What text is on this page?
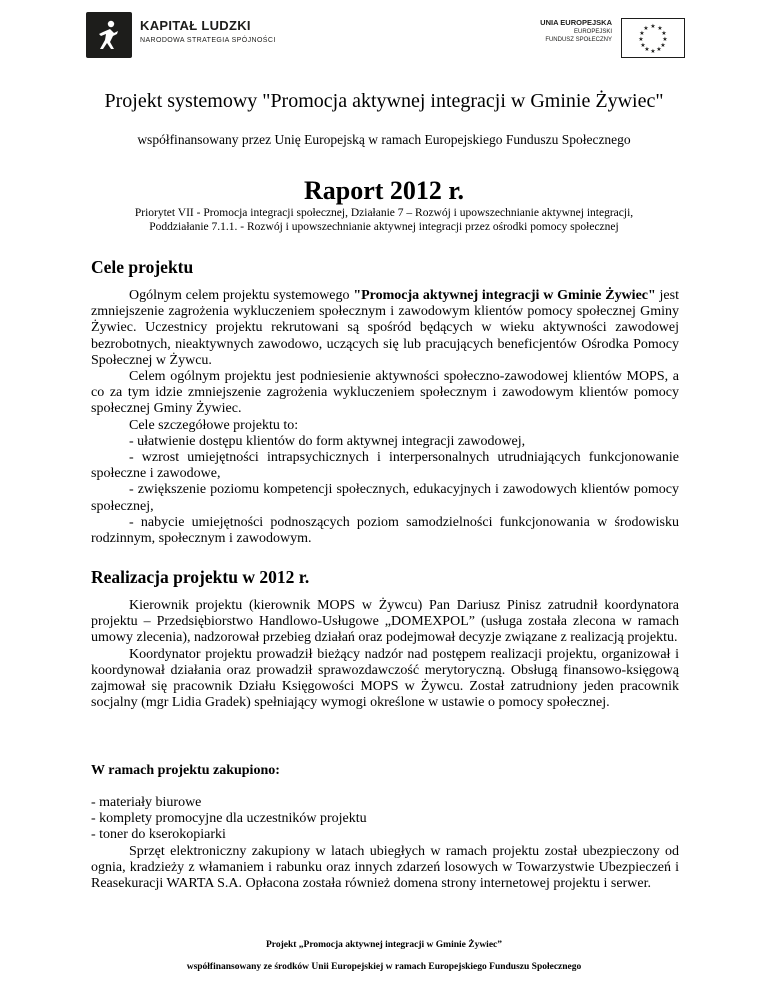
KAPITAŁ LUDZKI
NARODOWA STRATEGIA SPÓJNOŚCI
UNIA EUROPEJSKA
EUROPEJSKI
FUNDUSZ SPOŁECZNY
★ ★
★
★
★
★
★
★
★
★
★
★
Projekt systemowy "Promocja aktywnej integracji w Gminie Żywiec"
współfinansowany przez Unię Europejską w ramach Europejskiego Funduszu Społecznego
Raport 2012 r.
Priorytet VII - Promocja integracji społecznej, Działanie 7 – Rozwój i upowszechnianie aktywnej integracji,
Poddziałanie 7.1.1. - Rozwój i upowszechnianie aktywnej integracji przez ośrodki pomocy społecznej
Cele projektu

Ogólnym celem projektu systemowego "Promocja aktywnej integracji w Gminie Żywiec" jest zmniejszenie zagrożenia wykluczeniem społecznym i zawodowym klientów pomocy społecznej Gminy Żywiec. Uczestnicy projektu rekrutowani są spośród będących w wieku aktywności zawodowej bezrobotnych, nieaktywnych zawodowo, uczących się lub pracujących beneficjentów Ośrodka Pomocy Społecznej w Żywcu.

Celem ogólnym projektu jest podniesienie aktywności społeczno-zawodowej klientów MOPS, a co za tym idzie zmniejszenie zagrożenia wykluczeniem społecznym i zawodowym klientów pomocy społecznej Gminy Żywiec.

Cele szczegółowe projektu to:

- ułatwienie dostępu klientów do form aktywnej integracji zawodowej,

- wzrost umiejętności intrapsychicznych i interpersonalnych utrudniających funkcjonowanie społeczne i zawodowe,

- zwiększenie poziomu kompetencji społecznych, edukacyjnych i zawodowych klientów pomocy społecznej,

- nabycie umiejętności podnoszących poziom samodzielności funkcjonowania w środowisku rodzinnym, społecznym i zawodowym.

Realizacja projektu w 2012 r.

Kierownik projektu (kierownik MOPS w Żywcu) Pan Dariusz Pinisz zatrudnił koordynatora projektu – Przedsiębiorstwo Handlowo-Usługowe „DOMEXPOL” (usługa została zlecona w ramach umowy zlecenia), nadzorował przebieg działań oraz podejmował decyzje związane z realizacją projektu.

Koordynator projektu prowadził bieżący nadzór nad postępem realizacji projektu, organizował i koordynował działania oraz prowadził sprawozdawczość merytoryczną. Obsługą finansowo-księgową zajmował się pracownik Działu Księgowości MOPS w Żywcu. Został zatrudniony jeden pracownik socjalny (mgr Lidia Gradek) spełniający wymogi określone w ustawie o pomocy społecznej.

W ramach projektu zakupiono:

- materiały biurowe

- komplety promocyjne dla uczestników projektu

- toner do kserokopiarki

Sprzęt elektroniczny zakupiony w latach ubiegłych w ramach projektu został ubezpieczony od ognia, kradzieży z włamaniem i rabunku oraz innych zdarzeń losowych w Towarzystwie Ubezpieczeń i Reasekuracji WARTA S.A. Opłacona została również domena strony internetowej projektu i serwer.

Projekt „Promocja aktywnej integracji w Gminie Żywiec”
współfinansowany ze środków Unii Europejskiej w ramach Europejskiego Funduszu Społecznego
